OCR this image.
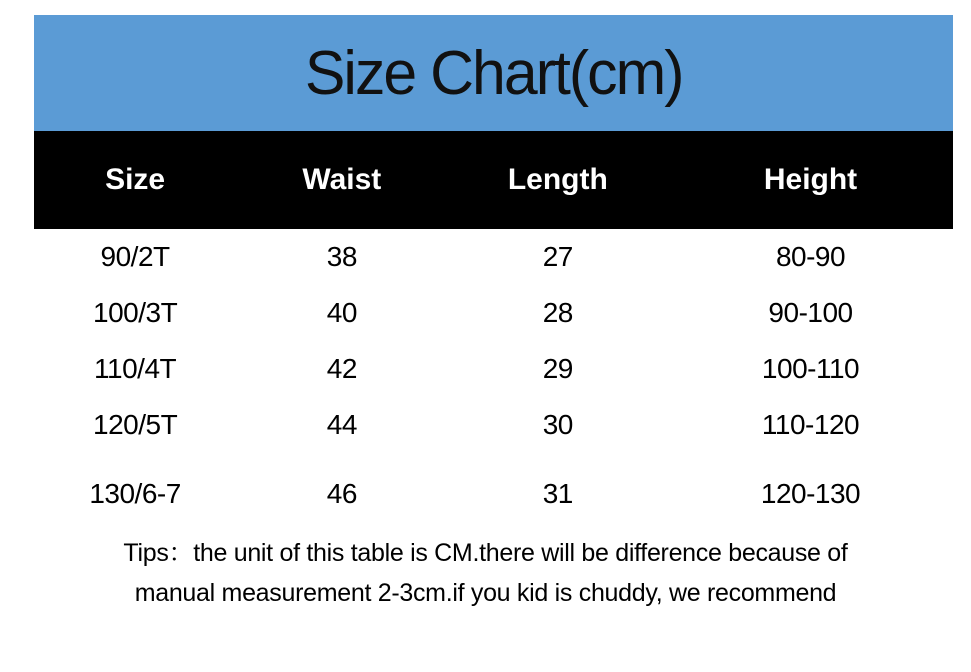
Size Chart(cm)
Size	Waist	Length	Height
90/2T	38	27	80-90
100/3T	40	28	90-100
110/4T	42	29	100-110
120/5T	44	30	110-120
130/6-7	46	31	120-130
Tips：the unit of this table is CM.there will be difference because of
manual measurement 2-3cm.if you kid is chuddy, we recommend
